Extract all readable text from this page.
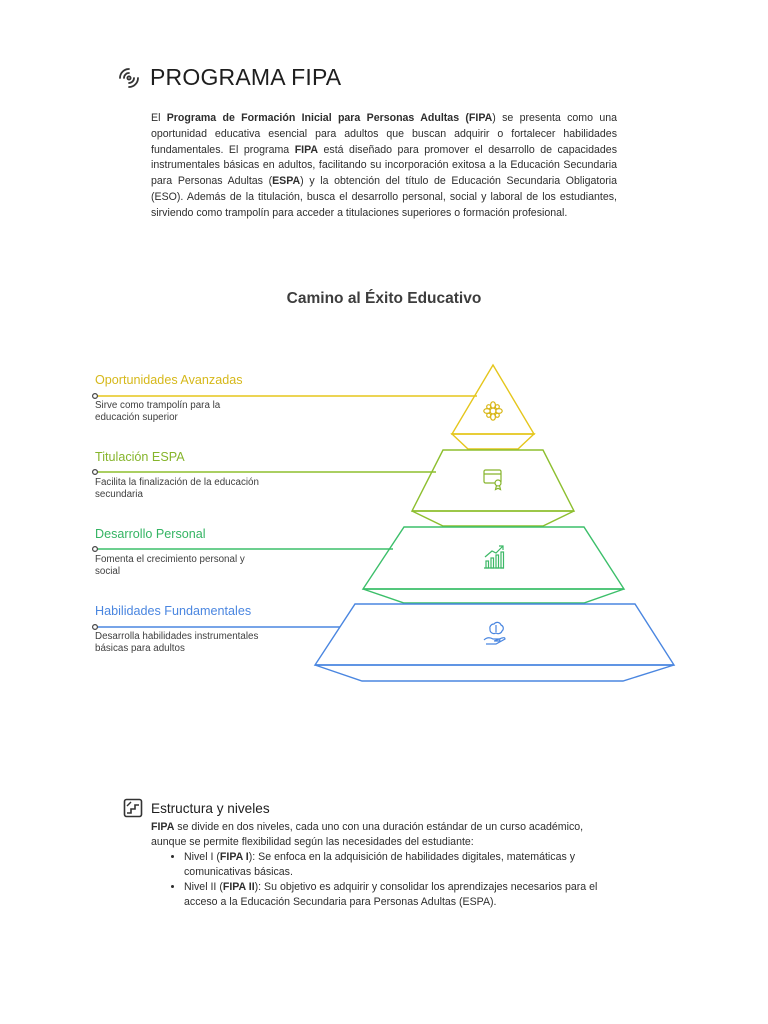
PROGRAMA FIPA
El Programa de Formación Inicial para Personas Adultas (FIPA) se presenta como una oportunidad educativa esencial para adultos que buscan adquirir o fortalecer habilidades fundamentales. El programa FIPA está diseñado para promover el desarrollo de capacidades instrumentales básicas en adultos, facilitando su incorporación exitosa a la Educación Secundaria para Personas Adultas (ESPA) y la obtención del título de Educación Secundaria Obligatoria (ESO). Además de la titulación, busca el desarrollo personal, social y laboral de los estudiantes, sirviendo como trampolín para acceder a titulaciones superiores o formación profesional.
Camino al Éxito Educativo
Oportunidades Avanzadas
Sirve como trampolín para la educación superior
Titulación ESPA
Facilita la finalización de la educación secundaria
Desarrollo Personal
Fomenta el crecimiento personal y social
Habilidades Fundamentales
Desarrolla habilidades instrumentales básicas para adultos
Estructura y niveles

FIPA se divide en dos niveles, cada uno con una duración estándar de un curso académico, aunque se permite flexibilidad según las necesidades del estudiante:

• Nivel I (FIPA I): Se enfoca en la adquisición de habilidades digitales, matemáticas y comunicativas básicas.
• Nivel II (FIPA II): Su objetivo es adquirir y consolidar los aprendizajes necesarios para el acceso a la Educación Secundaria para Personas Adultas (ESPA).
